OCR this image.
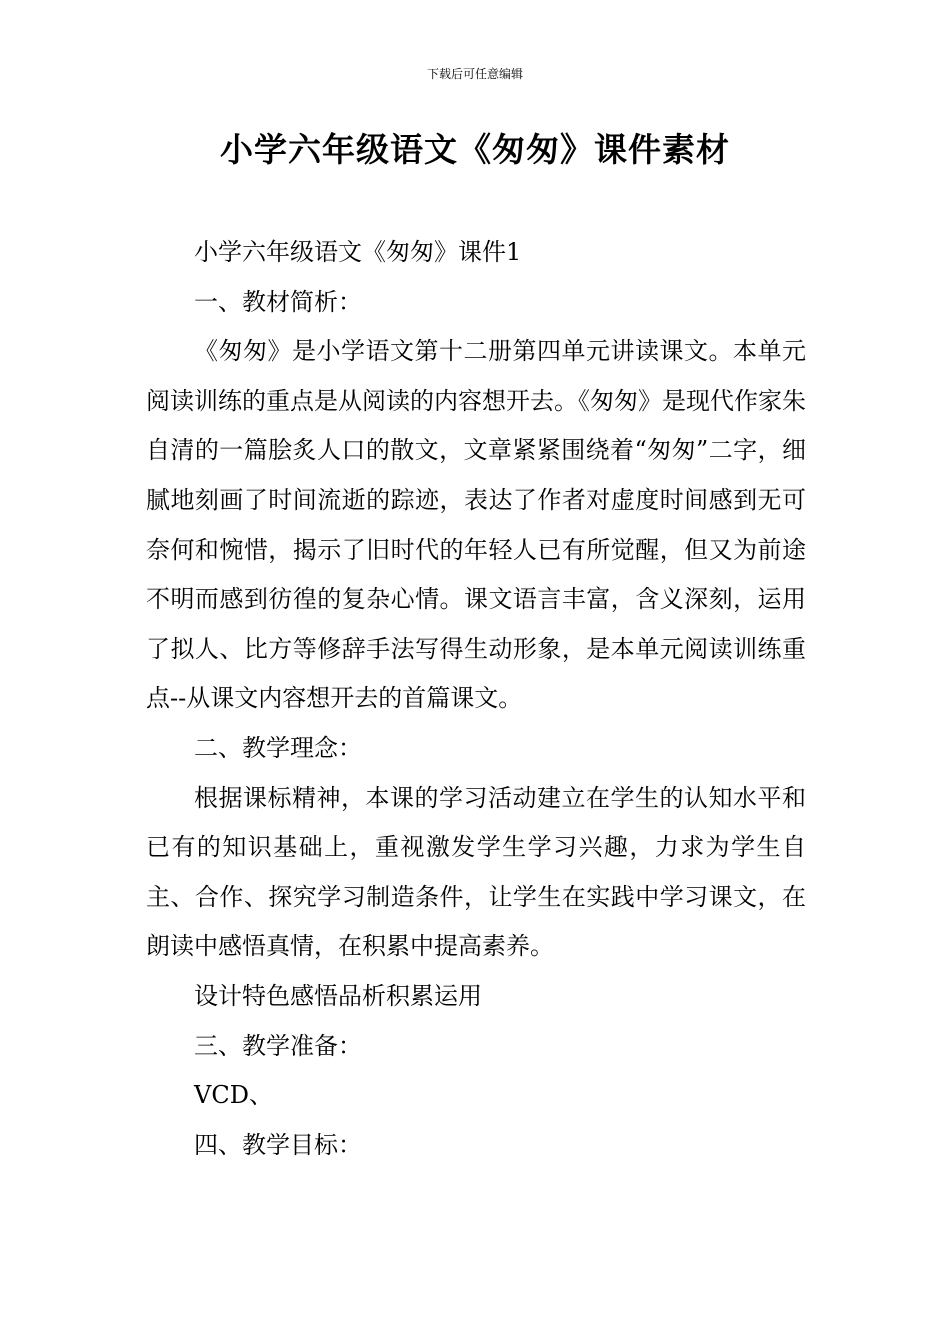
下载后可任意编辑
小学六年级语文《匆匆》课件素材

小学六年级语文《匆匆》课件1

一、教材简析：

《匆匆》是小学语文第十二册第四单元讲读课文。本单元阅读训练的重点是从阅读的内容想开去。《匆匆》是现代作家朱自清的一篇脍炙人口的散文，文章紧紧围绕着“匆匆”二字，细腻地刻画了时间流逝的踪迹，表达了作者对虚度时间感到无可奈何和惋惜，揭示了旧时代的年轻人已有所觉醒，但又为前途不明而感到彷徨的复杂心情。课文语言丰富，含义深刻，运用了拟人、比方等修辞手法写得生动形象，是本单元阅读训练重点--从课文内容想开去的首篇课文。

二、教学理念：

根据课标精神，本课的学习活动建立在学生的认知水平和已有的知识基础上，重视激发学生学习兴趣，力求为学生自主、合作、探究学习制造条件，让学生在实践中学习课文，在朗读中感悟真情，在积累中提高素养。

设计特色感悟品析积累运用

三、教学准备：

VCD、

四、教学目标：
